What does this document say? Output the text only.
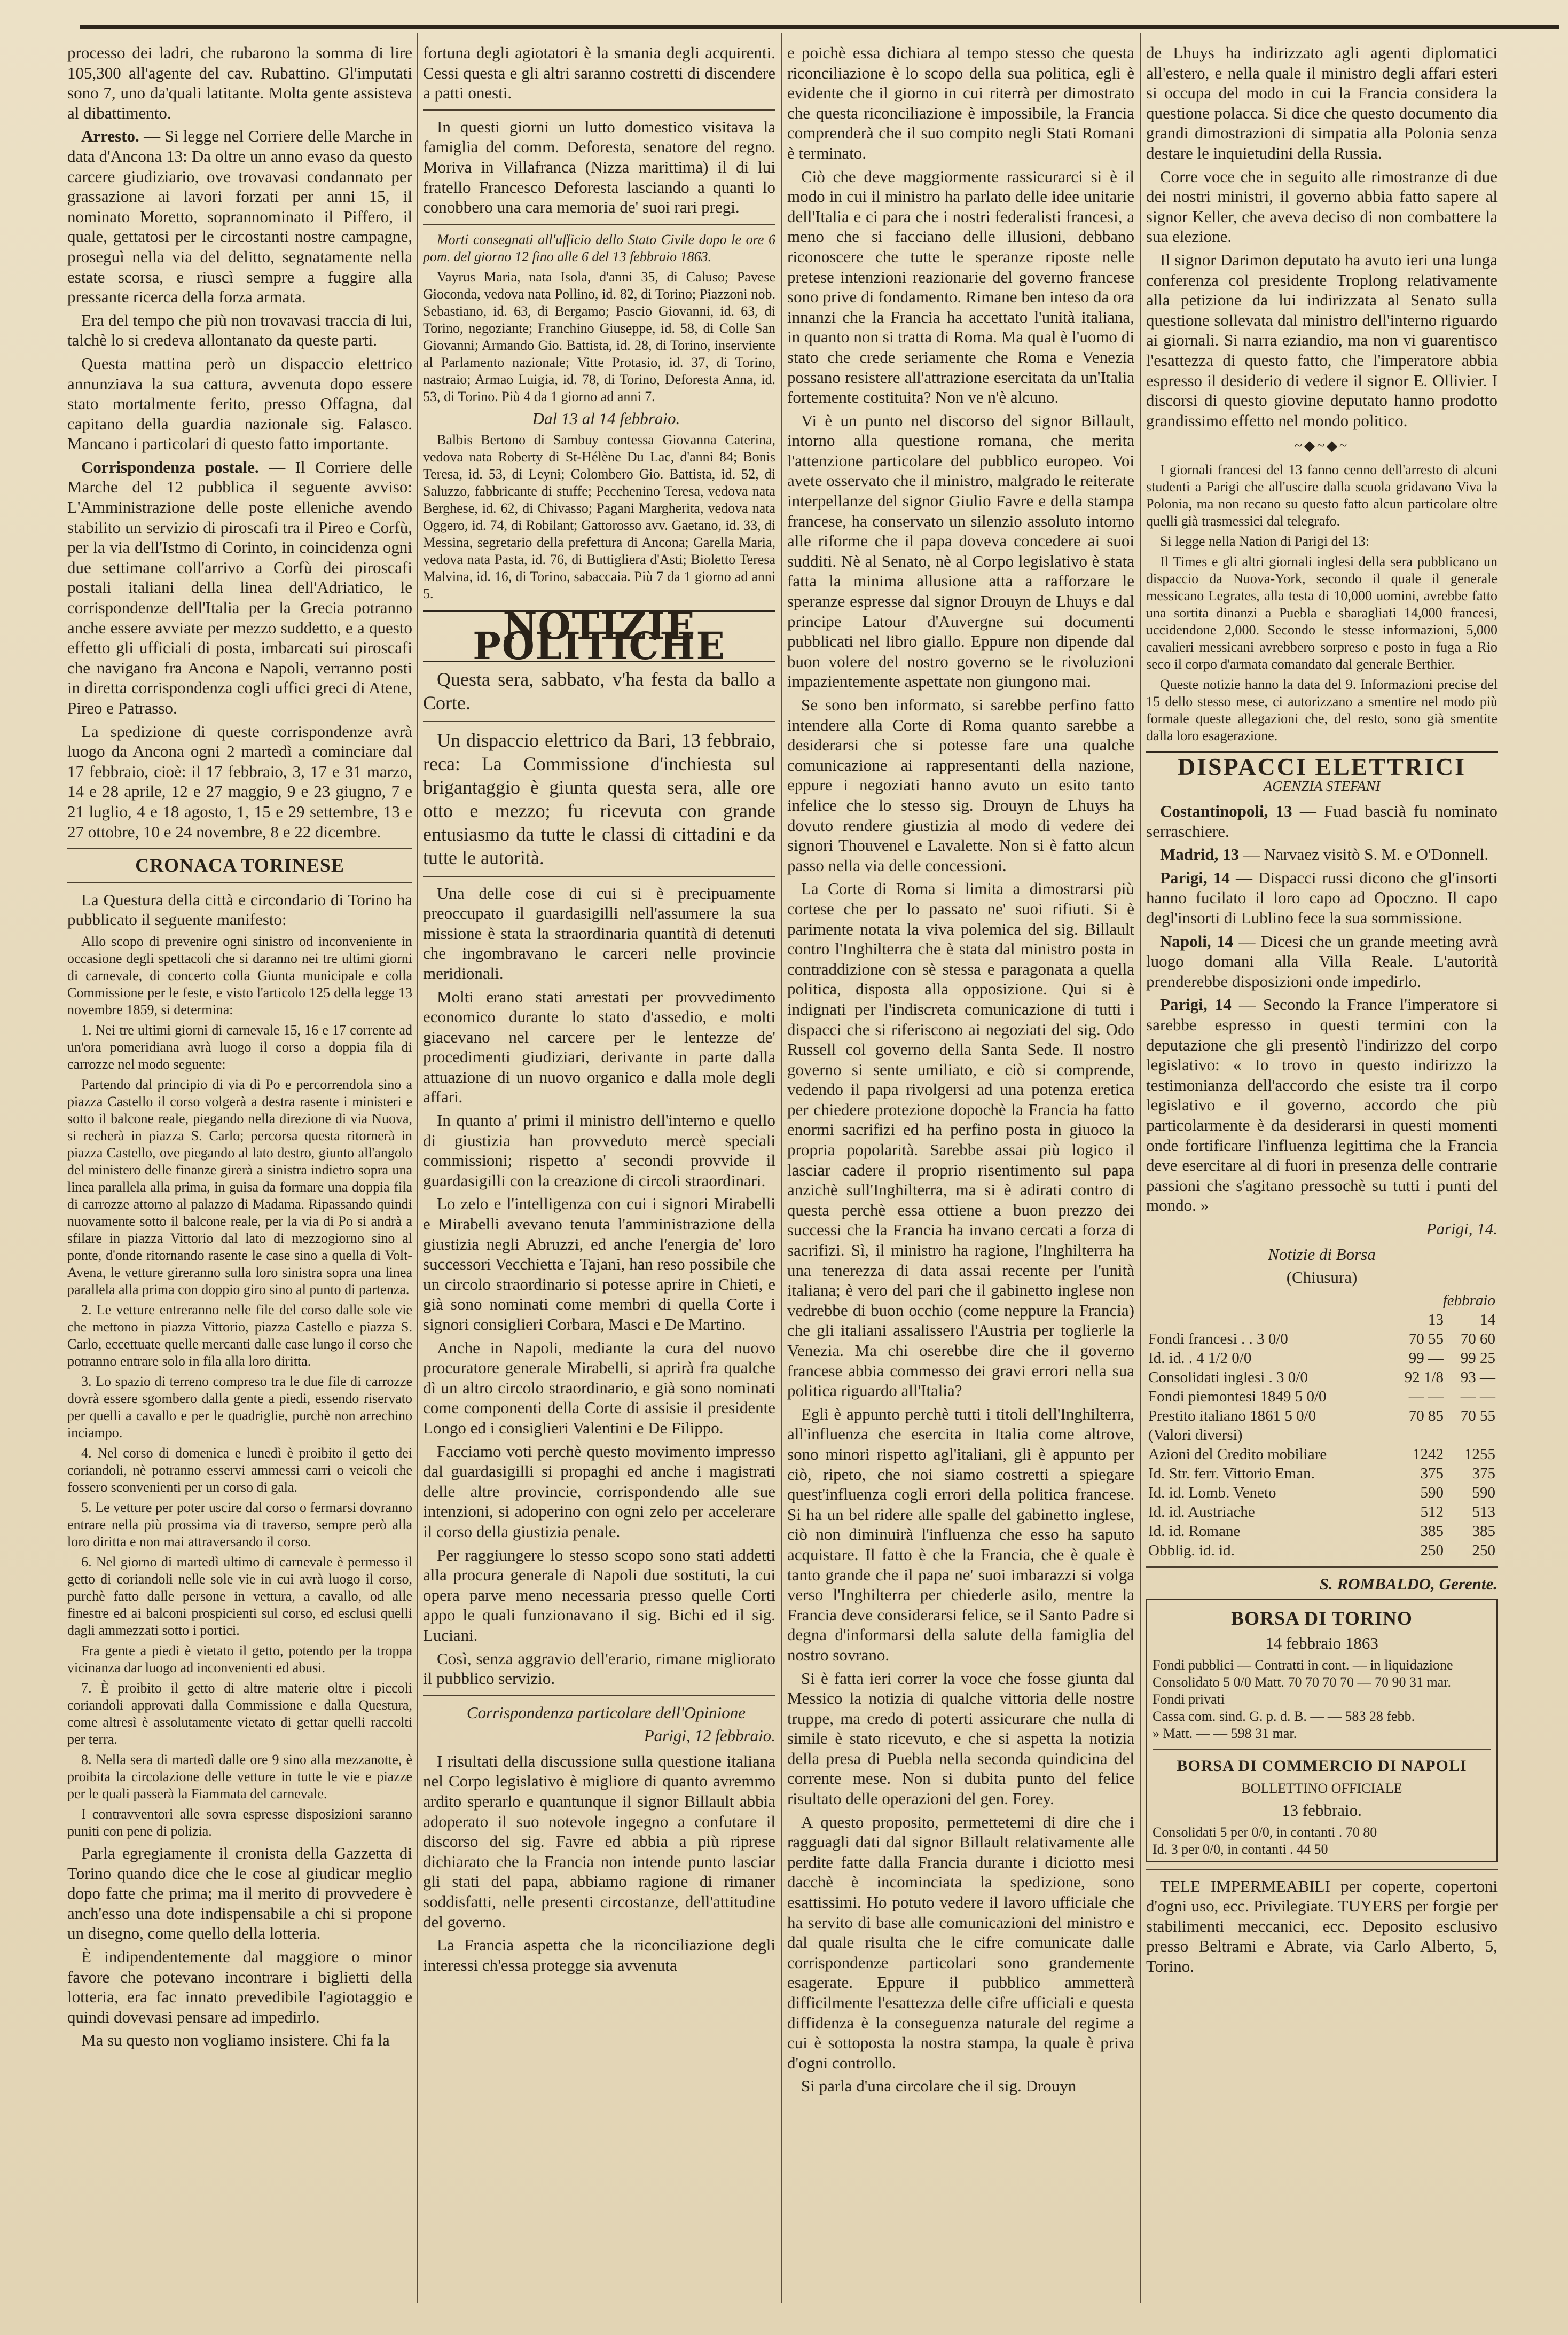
processo dei ladri, che rubarono la somma di lire 105,300 all'agente del cav. Rubattino. Gl'imputati sono 7, uno da'quali latitante. Molta gente assisteva al dibattimento.

Arresto. — Si legge nel Corriere delle Marche in data d'Ancona 13: Da oltre un anno evaso da questo carcere giudiziario, ove trovavasi condannato per grassazione ai lavori forzati per anni 15, il nominato Moretto, soprannominato il Piffero, il quale, gettatosi per le circostanti nostre campagne, proseguì nella via del delitto, segnatamente nella estate scorsa, e riuscì sempre a fuggire alla pressante ricerca della forza armata.

Era del tempo che più non trovavasi traccia di lui, talchè lo si credeva allontanato da queste parti.

Questa mattina però un dispaccio elettrico annunziava la sua cattura, avvenuta dopo essere stato mortalmente ferito, presso Offagna, dal capitano della guardia nazionale sig. Falasco. Mancano i particolari di questo fatto importante.

Corrispondenza postale. — Il Corriere delle Marche del 12 pubblica il seguente avviso: L'Amministrazione delle poste elleniche avendo stabilito un servizio di piroscafi tra il Pireo e Corfù, per la via dell'Istmo di Corinto, in coincidenza ogni due settimane coll'arrivo a Corfù dei piroscafi postali italiani della linea dell'Adriatico, le corrispondenze dell'Italia per la Grecia potranno anche essere avviate per mezzo suddetto, e a questo effetto gli ufficiali di posta, imbarcati sui piroscafi che navigano fra Ancona e Napoli, verranno posti in diretta corrispondenza cogli uffici greci di Atene, Pireo e Patrasso.

La spedizione di queste corrispondenze avrà luogo da Ancona ogni 2 martedì a cominciare dal 17 febbraio, cioè: il 17 febbraio, 3, 17 e 31 marzo, 14 e 28 aprile, 12 e 27 maggio, 9 e 23 giugno, 7 e 21 luglio, 4 e 18 agosto, 1, 15 e 29 settembre, 13 e 27 ottobre, 10 e 24 novembre, 8 e 22 dicembre.

CRONACA TORINESE

La Questura della città e circondario di Torino ha pubblicato il seguente manifesto:

Allo scopo di prevenire ogni sinistro od inconveniente in occasione degli spettacoli che si daranno nei tre ultimi giorni di carnevale, di concerto colla Giunta municipale e colla Commissione per le feste, e visto l'articolo 125 della legge 13 novembre 1859, si determina:

1. Nei tre ultimi giorni di carnevale 15, 16 e 17 corrente ad un'ora pomeridiana avrà luogo il corso a doppia fila di carrozze nel modo seguente:

Partendo dal principio di via di Po e percorrendola sino a piazza Castello il corso volgerà a destra rasente i ministeri e sotto il balcone reale, piegando nella direzione di via Nuova, si recherà in piazza S. Carlo; percorsa questa ritornerà in piazza Castello, ove piegando al lato destro, giunto all'angolo del ministero delle finanze girerà a sinistra indietro sopra una linea parallela alla prima, in guisa da formare una doppia fila di carrozze attorno al palazzo di Madama. Ripassando quindi nuovamente sotto il balcone reale, per la via di Po si andrà a sfilare in piazza Vittorio dal lato di mezzogiorno sino al ponte, d'onde ritornando rasente le case sino a quella di Volt-Avena, le vetture gireranno sulla loro sinistra sopra una linea parallela alla prima con doppio giro sino al punto di partenza.

2. Le vetture entreranno nelle file del corso dalle sole vie che mettono in piazza Vittorio, piazza Castello e piazza S. Carlo, eccettuate quelle mercanti dalle case lungo il corso che potranno entrare solo in fila alla loro diritta.

3. Lo spazio di terreno compreso tra le due file di carrozze dovrà essere sgombero dalla gente a piedi, essendo riservato per quelli a cavallo e per le quadriglie, purchè non arrechino inciampo.

4. Nel corso di domenica e lunedì è proibito il getto dei coriandoli, nè potranno esservi ammessi carri o veicoli che fossero sconvenienti per un corso di gala.

5. Le vetture per poter uscire dal corso o fermarsi dovranno entrare nella più prossima via di traverso, sempre però alla loro diritta e non mai attraversando il corso.

6. Nel giorno di martedì ultimo di carnevale è permesso il getto di coriandoli nelle sole vie in cui avrà luogo il corso, purchè fatto dalle persone in vettura, a cavallo, od alle finestre ed ai balconi prospicienti sul corso, ed esclusi quelli dagli ammezzati sotto i portici.

Fra gente a piedi è vietato il getto, potendo per la troppa vicinanza dar luogo ad inconvenienti ed abusi.

7. È proibito il getto di altre materie oltre i piccoli coriandoli approvati dalla Commissione e dalla Questura, come altresì è assolutamente vietato di gettar quelli raccolti per terra.

8. Nella sera di martedì dalle ore 9 sino alla mezzanotte, è proibita la circolazione delle vetture in tutte le vie e piazze per le quali passerà la Fiammata del carnevale.

I contravventori alle sovra espresse disposizioni saranno puniti con pene di polizia.

Parla egregiamente il cronista della Gazzetta di Torino quando dice che le cose al giudicar meglio dopo fatte che prima; ma il merito di provvedere è anch'esso una dote indispensabile a chi si propone un disegno, come quello della lotteria.

È indipendentemente dal maggiore o minor favore che potevano incontrare i biglietti della lotteria, era fac innato prevedibile l'agiotaggio e quindi dovevasi pensare ad impedirlo.

Ma su questo non vogliamo insistere. Chi fa la

fortuna degli agiotatori è la smania degli acquirenti. Cessi questa e gli altri saranno costretti di discendere a patti onesti.

In questi giorni un lutto domestico visitava la famiglia del comm. Deforesta, senatore del regno. Moriva in Villafranca (Nizza marittima) il di lui fratello Francesco Deforesta lasciando a quanti lo conobbero una cara memoria de' suoi rari pregi.

Morti consegnati all'ufficio dello Stato Civile dopo le ore 6 pom. del giorno 12 fino alle 6 del 13 febbraio 1863.

Vayrus Maria, nata Isola, d'anni 35, di Caluso; Pavese Gioconda, vedova nata Pollino, id. 82, di Torino; Piazzoni nob. Sebastiano, id. 63, di Bergamo; Pascio Giovanni, id. 63, di Torino, negoziante; Franchino Giuseppe, id. 58, di Colle San Giovanni; Armando Gio. Battista, id. 28, di Torino, inserviente al Parlamento nazionale; Vitte Protasio, id. 37, di Torino, nastraio; Armao Luigia, id. 78, di Torino, Deforesta Anna, id. 53, di Torino. Più 4 da 1 giorno ad anni 7.

Dal 13 al 14 febbraio.

Balbis Bertono di Sambuy contessa Giovanna Caterina, vedova nata Roberty di St-Hélène Du Lac, d'anni 84; Bonis Teresa, id. 53, di Leyni; Colombero Gio. Battista, id. 52, di Saluzzo, fabbricante di stuffe; Pecchenino Teresa, vedova nata Berghese, id. 62, di Chivasso; Pagani Margherita, vedova nata Oggero, id. 74, di Robilant; Gattorosso avv. Gaetano, id. 33, di Messina, segretario della prefettura di Ancona; Garella Maria, vedova nata Pasta, id. 76, di Buttigliera d'Asti; Bioletto Teresa Malvina, id. 16, di Torino, sabaccaia. Più 7 da 1 giorno ad anni 5.

NOTIZIE POLITICHE

Questa sera, sabbato, v'ha festa da ballo a Corte.

Un dispaccio elettrico da Bari, 13 febbraio, reca: La Commissione d'inchiesta sul brigantaggio è giunta questa sera, alle ore otto e mezzo; fu ricevuta con grande entusiasmo da tutte le classi di cittadini e da tutte le autorità.

Una delle cose di cui si è precipuamente preoccupato il guardasigilli nell'assumere la sua missione è stata la straordinaria quantità di detenuti che ingombravano le carceri nelle provincie meridionali.

Molti erano stati arrestati per provvedimento economico durante lo stato d'assedio, e molti giacevano nel carcere per le lentezze de' procedimenti giudiziari, derivante in parte dalla attuazione di un nuovo organico e dalla mole degli affari.

In quanto a' primi il ministro dell'interno e quello di giustizia han provveduto mercè speciali commissioni; rispetto a' secondi provvide il guardasigilli con la creazione di circoli straordinari.

Lo zelo e l'intelligenza con cui i signori Mirabelli e Mirabelli avevano tenuta l'amministrazione della giustizia negli Abruzzi, ed anche l'energia de' loro successori Vecchietta e Tajani, han reso possibile che un circolo straordinario si potesse aprire in Chieti, e già sono nominati come membri di quella Corte i signori consiglieri Corbara, Masci e De Martino.

Anche in Napoli, mediante la cura del nuovo procuratore generale Mirabelli, si aprirà fra qualche dì un altro circolo straordinario, e già sono nominati come componenti della Corte di assisie il presidente Longo ed i consiglieri Valentini e De Filippo.

Facciamo voti perchè questo movimento impresso dal guardasigilli si propaghi ed anche i magistrati delle altre provincie, corrispondendo alle sue intenzioni, si adoperino con ogni zelo per accelerare il corso della giustizia penale.

Per raggiungere lo stesso scopo sono stati addetti alla procura generale di Napoli due sostituti, la cui opera parve meno necessaria presso quelle Corti appo le quali funzionavano il sig. Bichi ed il sig. Luciani.

Così, senza aggravio dell'erario, rimane migliorato il pubblico servizio.

Corrispondenza particolare dell'Opinione

Parigi, 12 febbraio.

I risultati della discussione sulla questione italiana nel Corpo legislativo è migliore di quanto avremmo ardito sperarlo e quantunque il signor Billault abbia adoperato il suo notevole ingegno a confutare il discorso del sig. Favre ed abbia a più riprese dichiarato che la Francia non intende punto lasciar gli stati del papa, abbiamo ragione di rimaner soddisfatti, nelle presenti circostanze, dell'attitudine del governo.

La Francia aspetta che la riconciliazione degli interessi ch'essa protegge sia avvenuta

e poichè essa dichiara al tempo stesso che questa riconciliazione è lo scopo della sua politica, egli è evidente che il giorno in cui riterrà per dimostrato che questa riconciliazione è impossibile, la Francia comprenderà che il suo compito negli Stati Romani è terminato.

Ciò che deve maggiormente rassicurarci si è il modo in cui il ministro ha parlato delle idee unitarie dell'Italia e ci para che i nostri federalisti francesi, a meno che si facciano delle illusioni, debbano riconoscere che tutte le speranze riposte nelle pretese intenzioni reazionarie del governo francese sono prive di fondamento. Rimane ben inteso da ora innanzi che la Francia ha accettato l'unità italiana, in quanto non si tratta di Roma. Ma qual è l'uomo di stato che crede seriamente che Roma e Venezia possano resistere all'attrazione esercitata da un'Italia fortemente costituita? Non ve n'è alcuno.

Vi è un punto nel discorso del signor Billault, intorno alla questione romana, che merita l'attenzione particolare del pubblico europeo. Voi avete osservato che il ministro, malgrado le reiterate interpellanze del signor Giulio Favre e della stampa francese, ha conservato un silenzio assoluto intorno alle riforme che il papa doveva concedere ai suoi sudditi. Nè al Senato, nè al Corpo legislativo è stata fatta la minima allusione atta a rafforzare le speranze espresse dal signor Drouyn de Lhuys e dal principe Latour d'Auvergne sui documenti pubblicati nel libro giallo. Eppure non dipende dal buon volere del nostro governo se le rivoluzioni impazientemente aspettate non giungono mai.

Se sono ben informato, si sarebbe perfino fatto intendere alla Corte di Roma quanto sarebbe a desiderarsi che si potesse fare una qualche comunicazione ai rappresentanti della nazione, eppure i negoziati hanno avuto un esito tanto infelice che lo stesso sig. Drouyn de Lhuys ha dovuto rendere giustizia al modo di vedere dei signori Thouvenel e Lavalette. Non si è fatto alcun passo nella via delle concessioni.

La Corte di Roma si limita a dimostrarsi più cortese che per lo passato ne' suoi rifiuti. Si è parimente notata la viva polemica del sig. Billault contro l'Inghilterra che è stata dal ministro posta in contraddizione con sè stessa e paragonata a quella politica, disposta alla opposizione. Qui si è indignati per l'indiscreta comunicazione di tutti i dispacci che si riferiscono ai negoziati del sig. Odo Russell col governo della Santa Sede. Il nostro governo si sente umiliato, e ciò si comprende, vedendo il papa rivolgersi ad una potenza eretica per chiedere protezione dopochè la Francia ha fatto enormi sacrifizi ed ha perfino posta in giuoco la propria popolarità. Sarebbe assai più logico il lasciar cadere il proprio risentimento sul papa anzichè sull'Inghilterra, ma si è adirati contro di questa perchè essa ottiene a buon prezzo dei successi che la Francia ha invano cercati a forza di sacrifizi. Sì, il ministro ha ragione, l'Inghilterra ha una tenerezza di data assai recente per l'unità italiana; è vero del pari che il gabinetto inglese non vedrebbe di buon occhio (come neppure la Francia) che gli italiani assalissero l'Austria per toglierle la Venezia. Ma chi oserebbe dire che il governo francese abbia commesso dei gravi errori nella sua politica riguardo all'Italia?

Egli è appunto perchè tutti i titoli dell'Inghilterra, all'influenza che esercita in Italia come altrove, sono minori rispetto agl'italiani, gli è appunto per ciò, ripeto, che noi siamo costretti a spiegare quest'influenza cogli errori della politica francese. Si ha un bel ridere alle spalle del gabinetto inglese, ciò non diminuirà l'influenza che esso ha saputo acquistare. Il fatto è che la Francia, che è quale è tanto grande che il papa ne' suoi imbarazzi si volga verso l'Inghilterra per chiederle asilo, mentre la Francia deve considerarsi felice, se il Santo Padre si degna d'informarsi della salute della famiglia del nostro sovrano.

Si è fatta ieri correr la voce che fosse giunta dal Messico la notizia di qualche vittoria delle nostre truppe, ma credo di poterti assicurare che nulla di simile è stato ricevuto, e che si aspetta la notizia della presa di Puebla nella seconda quindicina del corrente mese. Non si dubita punto del felice risultato delle operazioni del gen. Forey.

A questo proposito, permettetemi di dire che i ragguagli dati dal signor Billault relativamente alle perdite fatte dalla Francia durante i diciotto mesi dacchè è incominciata la spedizione, sono esattissimi. Ho potuto vedere il lavoro ufficiale che ha servito di base alle comunicazioni del ministro e dal quale risulta che le cifre comunicate dalle corrispondenze particolari sono grandemente esagerate. Eppure il pubblico ammetterà difficilmente l'esattezza delle cifre ufficiali e questa diffidenza è la conseguenza naturale del regime a cui è sottoposta la nostra stampa, la quale è priva d'ogni controllo.

Si parla d'una circolare che il sig. Drouyn

de Lhuys ha indirizzato agli agenti diplomatici all'estero, e nella quale il ministro degli affari esteri si occupa del modo in cui la Francia considera la questione polacca. Si dice che questo documento dia grandi dimostrazioni di simpatia alla Polonia senza destare le inquietudini della Russia.

Corre voce che in seguito alle rimostranze di due dei nostri ministri, il governo abbia fatto sapere al signor Keller, che aveva deciso di non combattere la sua elezione.

Il signor Darimon deputato ha avuto ieri una lunga conferenza col presidente Troplong relativamente alla petizione da lui indirizzata al Senato sulla questione sollevata dal ministro dell'interno riguardo ai giornali. Si narra eziandio, ma non vi guarentisco l'esattezza di questo fatto, che l'imperatore abbia espresso il desiderio di vedere il signor E. Ollivier. I discorsi di questo giovine deputato hanno prodotto grandissimo effetto nel mondo politico.

~◆~◆~

I giornali francesi del 13 fanno cenno dell'arresto di alcuni studenti a Parigi che all'uscire dalla scuola gridavano Viva la Polonia, ma non recano su questo fatto alcun particolare oltre quelli già trasmessici dal telegrafo.

Si legge nella Nation di Parigi del 13:

Il Times e gli altri giornali inglesi della sera pubblicano un dispaccio da Nuova-York, secondo il quale il generale messicano Legrates, alla testa di 10,000 uomini, avrebbe fatto una sortita dinanzi a Puebla e sbaragliati 14,000 francesi, uccidendone 2,000. Secondo le stesse informazioni, 5,000 cavalieri messicani avrebbero sorpreso e posto in fuga a Rio seco il corpo d'armata comandato dal generale Berthier.

Queste notizie hanno la data del 9. Informazioni precise del 15 dello stesso mese, ci autorizzano a smentire nel modo più formale queste allegazioni che, del resto, sono già smentite dalla loro esagerazione.

DISPACCI ELETTRICI
AGENZIA STEFANI

Costantinopoli, 13 — Fuad bascià fu nominato serraschiere.

Madrid, 13 — Narvaez visitò S. M. e O'Donnell.

Parigi, 14 — Dispacci russi dicono che gl'insorti hanno fucilato il loro capo ad Opoczno. Il capo degl'insorti di Lublino fece la sua sommissione.

Napoli, 14 — Dicesi che un grande meeting avrà luogo domani alla Villa Reale. L'autorità prenderebbe disposizioni onde impedirlo.

Parigi, 14 — Secondo la France l'imperatore si sarebbe espresso in questi termini con la deputazione che gli presentò l'indirizzo del corpo legislativo: « Io trovo in questo indirizzo la testimonianza dell'accordo che esiste tra il corpo legislativo e il governo, accordo che più particolarmente è da desiderarsi in questi momenti onde fortificare l'influenza legittima che la Francia deve esercitare al di fuori in presenza delle contrarie passioni che s'agitano pressochè su tutti i punti del mondo. »

Parigi, 14.

Notizie di Borsa
(Chiusura)
	febbraio	
	13	14
Fondi francesi . . 3 0/0	70 55	70 60
Id. id. . 4 1/2 0/0	99 —	99 25
Consolidati inglesi . 3 0/0	92 1/8	93 —
Fondi piemontesi 1849 5 0/0	— —	— —
Prestito italiano 1861 5 0/0	70 85	70 55
(Valori diversi)		
Azioni del Credito mobiliare	1242	1255
Id. Str. ferr. Vittorio Eman.	375	375
Id. id. Lomb. Veneto	590	590
Id. id. Austriache	512	513
Id. id. Romane	385	385
Obblig. id. id.	250	250

S. ROMBALDO, Gerente.

BORSA DI TORINO
14 febbraio 1863
Fondi pubblici — Contratti in cont. — in liquidazione
Consolidato 5 0/0 Matt. 70 70 70 70 — 70 90 31 mar.
Fondi privati
Cassa com. sind. G. p. d. B. — — 583 28 febb.
» Matt. — — 598 31 mar.
BORSA DI COMMERCIO DI NAPOLI
BOLLETTINO OFFICIALE
13 febbraio.
Consolidati 5 per 0/0, in contanti . 70 80
Id. 3 per 0/0, in contanti . 44 50

TELE IMPERMEABILI per coperte, copertoni d'ogni uso, ecc. Privilegiate. TUYERS per forgie per stabilimenti meccanici, ecc. Deposito esclusivo presso Beltrami e Abrate, via Carlo Alberto, 5, Torino.
